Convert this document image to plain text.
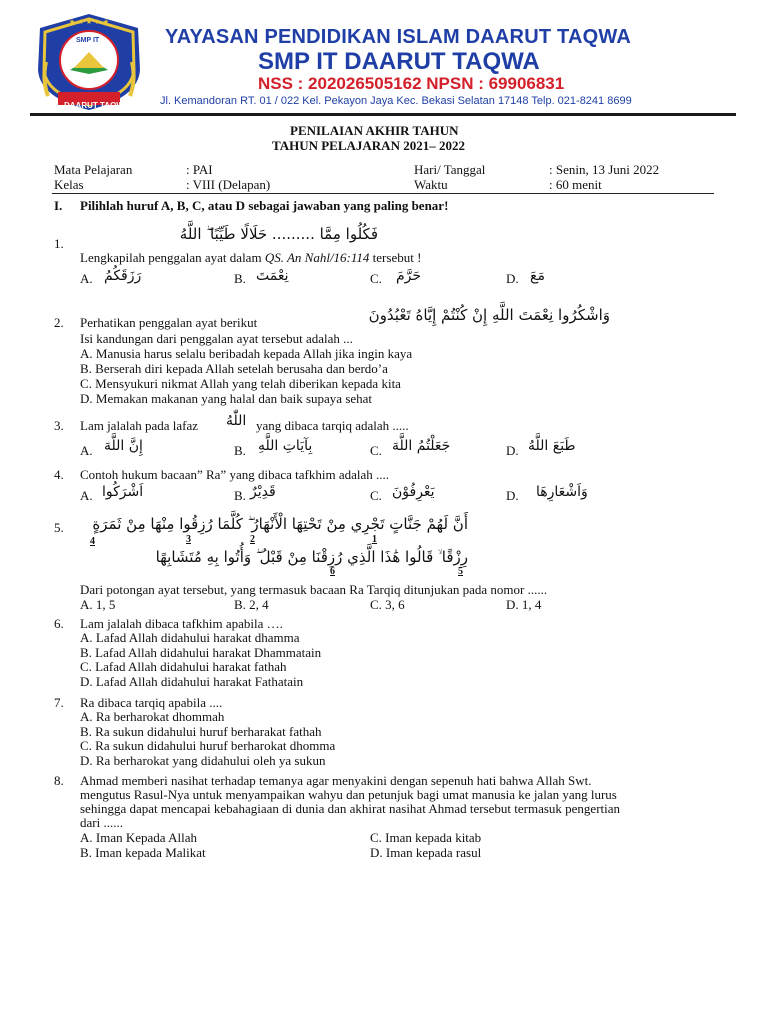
★ ★ ★ ★ ★
SMP IT
DAARUT TAQWA
YAYASAN PENDIDIKAN ISLAM DAARUT TAQWA
SMP IT DAARUT TAQWA
NSS : 202026505162 NPSN : 69906831
Jl. Kemandoran RT. 01 / 022 Kel. Pekayon Jaya Kec. Bekasi Selatan 17148 Telp. 021-8241 8699
PENILAIAN AKHIR TAHUN
TAHUN PELAJARAN 2021– 2022
Mata Pelajaran	: PAI
Kelas	: VIII (Delapan)
Hari/ Tanggal	: Senin, 13 Juni 2022
Waktu	: 60 menit
I. Pilihlah huruf A, B, C, atau D sebagai jawaban yang paling benar!
1.
فَكُلُوا مِمَّا ......... حَلَالًا طَيِّبًا ۖ اللَّهُ
Lengkapilah penggalan ayat dalam QS. An Nahl/16:114 tersebut !
A. رَزَقَكُمُ	B. نِعْمَتَ	C. حَرَّمَ	D. مَعَ
2. Perhatikan penggalan ayat berikut	وَاشْكُرُوا نِعْمَتَ اللَّهِ إِنْ كُنْتُمْ إِيَّاهُ تَعْبُدُونَ
Isi kandungan dari penggalan ayat tersebut adalah ...
A. Manusia harus selalu beribadah kepada Allah jika ingin kaya
B. Berserah diri kepada Allah setelah berusaha dan berdo’a
C. Mensyukuri nikmat Allah yang telah diberikan kepada kita
D. Memakan makanan yang halal dan baik supaya sehat
3. Lam jalalah pada lafaz اللّٰهُ yang dibaca tarqiq adalah .....
A. إِنَّ اللَّهَ	B. بِآيَاتِ اللَّهِ	C. جَعَلْتُمُ اللَّهَ	D. طَبَعَ اللَّهُ
4. Contoh hukum bacaan” Ra” yang dibaca tafkhim adalah ....
A. اَشْرَكُوا	B. قَدِيْرٌ	C. يَعْرِفُوْنَ	D. وَاَشْعَارِهَا
5. أَنَّ لَهُمْ جَنَّاتٍ تَجْرِي مِنْ تَحْتِهَا الْأَنْهَارُ ۖ كُلَّمَا رُزِقُوا مِنْهَا مِنْ ثَمَرَةٍ
رِزْقًا ۙ قَالُوا هَٰذَا الَّذِي رُزِقْنَا مِنْ قَبْلُ ۖ وَأُتُوا بِهِ مُتَشَابِهًا
1
2
3
4
5
6
Dari potongan ayat tersebut, yang termasuk bacaan Ra Tarqiq ditunjukan pada nomor ......
A. 1, 5	B. 2, 4	C. 3, 6	D. 1, 4
6. Lam jalalah dibaca tafkhim apabila ….
A. Lafad Allah didahului harakat dhamma
B. Lafad Allah didahului harakat Dhammatain
C. Lafad Allah didahului harakat fathah
D. Lafad Allah didahului harakat Fathatain
7. Ra dibaca tarqiq apabila ....
A. Ra berharokat dhommah
B. Ra sukun didahului huruf berharakat fathah
C. Ra sukun didahului huruf berharokat dhomma
D. Ra berharokat yang didahului oleh ya sukun
8. Ahmad memberi nasihat terhadap temanya agar menyakini dengan sepenuh hati bahwa Allah Swt.
mengutus Rasul-Nya untuk menyampaikan wahyu dan petunjuk bagi umat manusia ke jalan yang lurus
sehingga dapat mencapai kebahagiaan di dunia dan akhirat nasihat Ahmad tersebut termasuk pengertian
dari ......
A. Iman Kepada Allah
B. Iman kepada Malikat
C. Iman kepada kitab
D. Iman kepada rasul
